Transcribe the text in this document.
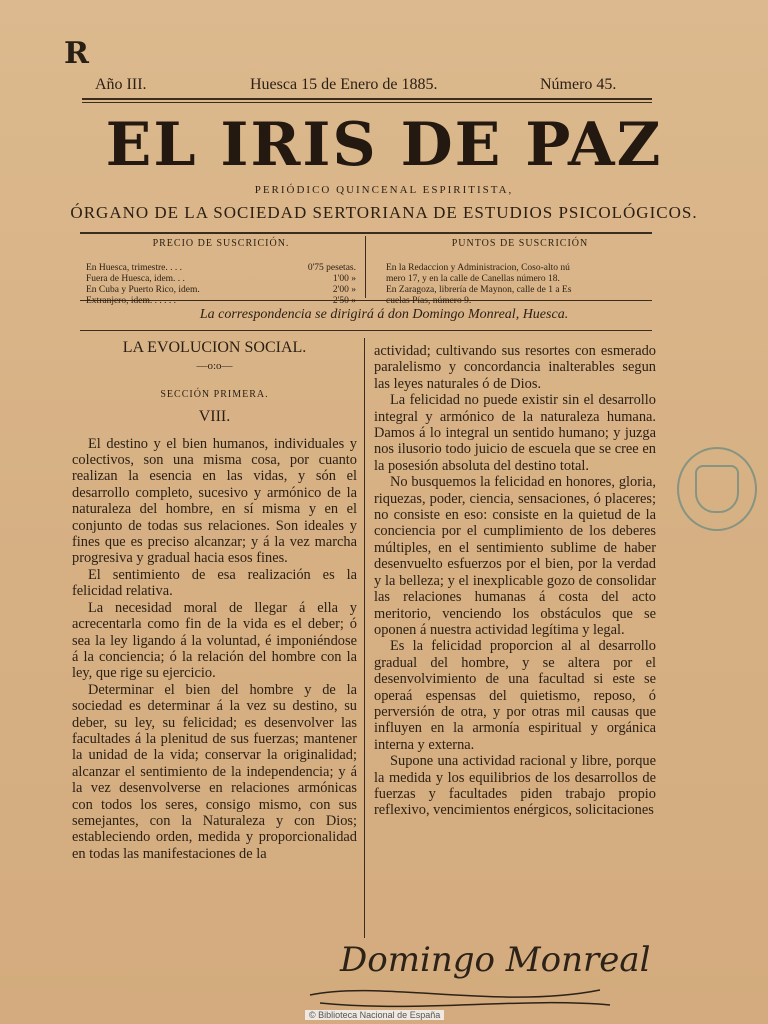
R
Año III.	Huesca 15 de Enero de 1885.	Número 45.
EL IRIS DE PAZ
PERIÓDICO QUINCENAL ESPIRITISTA,
ÓRGANO DE LA SOCIEDAD SERTORIANA DE ESTUDIOS PSICOLÓGICOS.
PRECIO DE SUSCRICIÓN.
En Huesca, trimestre. . . .	0'75 pesetas.
Fuera de Huesca, idem. . .	1'00 »
En Cuba y Puerto Rico, idem.	2'00 »
Extranjero, idem. . . . . .	2'50 »
PUNTOS DE SUSCRICIÓN
En la Redaccion y Administracion, Coso-alto nú
mero 17, y en la calle de Canellas número 18.
En Zaragoza, librería de Maynon, calle de 1 a Es
cuelas Pías, número 9.
La correspondencia se dirigirá á don Domingo Monreal, Huesca.
LA EVOLUCION SOCIAL.
—o:o—
SECCIÓN PRIMERA.
VIII.

El destino y el bien humanos, individuales y colectivos, son una misma cosa, por cuanto realizan la esencia en las vidas, y són el desarrollo completo, sucesivo y armónico de la naturaleza del hombre, en sí misma y en el conjunto de todas sus relaciones. Son ideales y fines que es preciso alcanzar; y á la vez marcha progresiva y gradual hacia esos fines.

El sentimiento de esa realización es la felicidad relativa.

La necesidad moral de llegar á ella y acrecentarla como fin de la vida es el deber; ó sea la ley ligando á la voluntad, é imponiéndose á la conciencia; ó la relación del hombre con la ley, que rige su ejercicio.

Determinar el bien del hombre y de la sociedad es determinar á la vez su destino, su deber, su ley, su felicidad; es desenvolver las facultades á la plenitud de sus fuerzas; mantener la unidad de la vida; conservar la originalidad; alcanzar el sentimiento de la independencia; y á la vez desenvolverse en relaciones armónicas con todos los seres, consigo mismo, con sus semejantes, con la Naturaleza y con Dios; estableciendo orden, medida y proporcionalidad en todas las manifestaciones de la

actividad; cultivando sus resortes con esmerado paralelismo y concordancia inalterables segun las leyes naturales ó de Dios.

La felicidad no puede existir sin el desarrollo integral y armónico de la naturaleza humana. Damos á lo integral un sentido humano; y juzga nos ilusorio todo juicio de escuela que se cree en la posesión absoluta del destino total.

No busquemos la felicidad en honores, gloria, riquezas, poder, ciencia, sensaciones, ó placeres; no consiste en eso: consiste en la quietud de la conciencia por el cumplimiento de los deberes múltiples, en el sentimiento sublime de haber desenvuelto esfuerzos por el bien, por la verdad y la belleza; y el inexplicable gozo de consolidar las relaciones humanas á costa del acto meritorio, venciendo los obstáculos que se oponen á nuestra actividad legítima y legal.

Es la felicidad proporcion al al desarrollo gradual del hombre, y se altera por el desenvolvimiento de una facultad si este se operaá espensas del quietismo, reposo, ó perversión de otra, y por otras mil causas que influyen en la armonía espiritual y orgánica interna y externa.

Supone una actividad racional y libre, porque la medida y los equilibrios de los desarrollos de fuerzas y facultades piden trabajo propio reflexivo, vencimientos enérgicos, solicitaciones

Domingo Monreal
© Biblioteca Nacional de España
